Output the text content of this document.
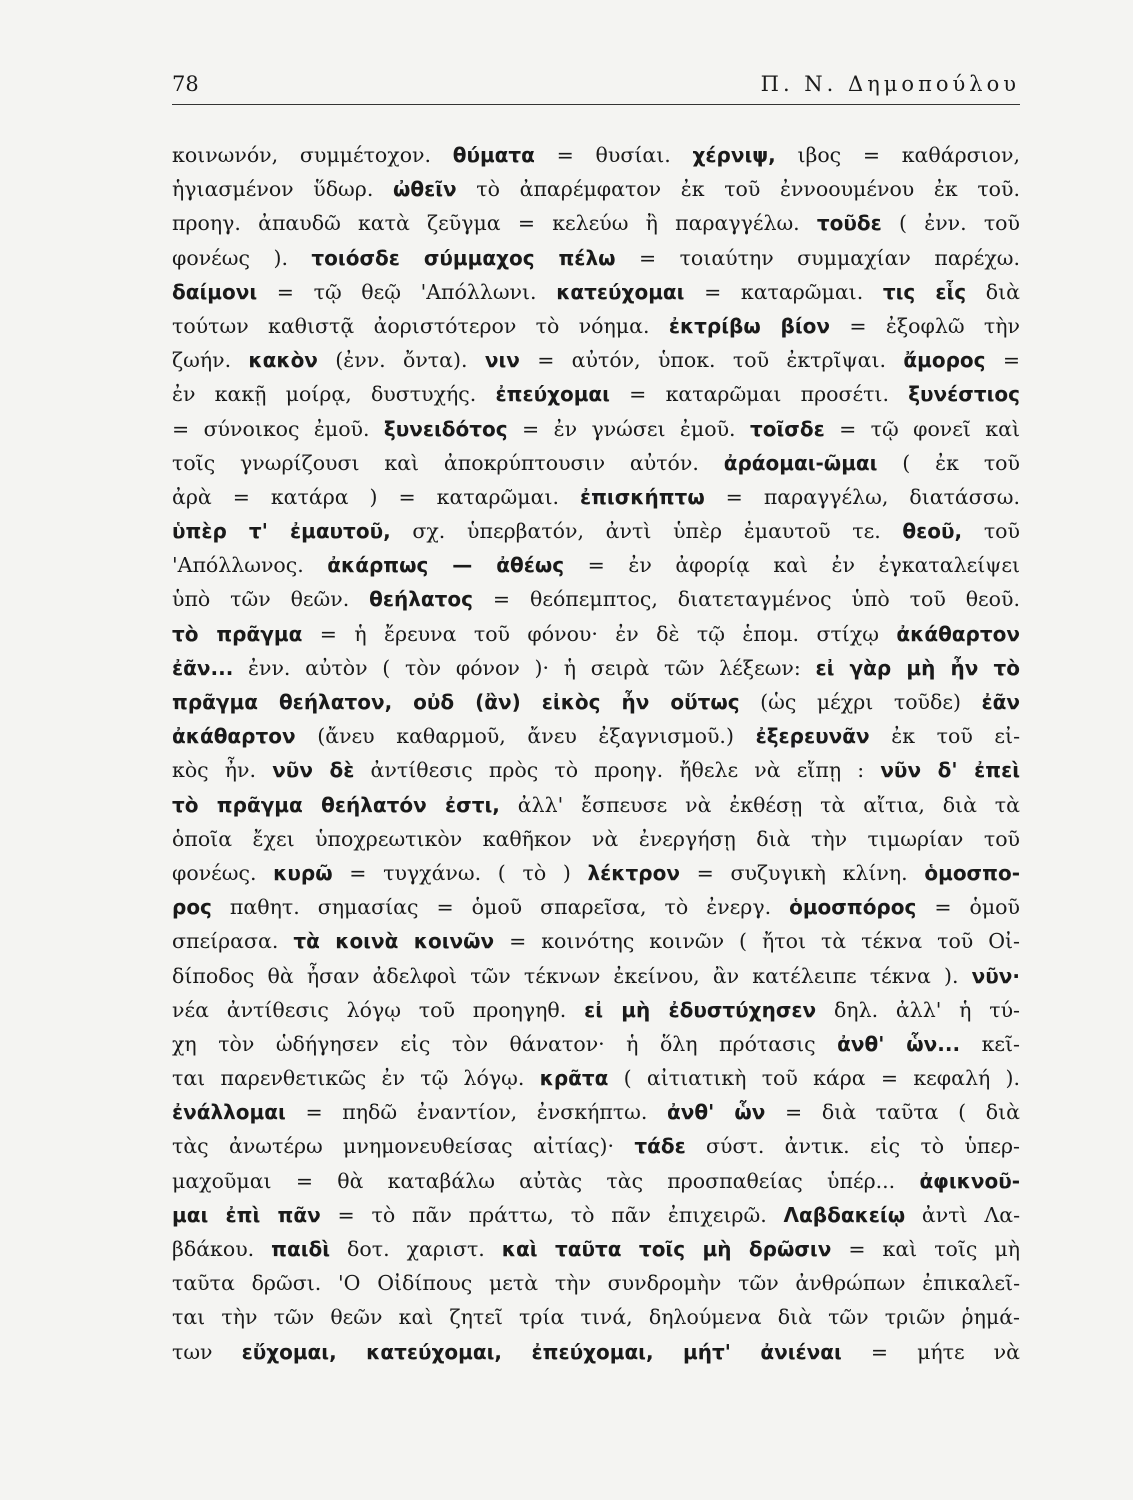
78	Π. Ν. Δημοπούλου
κοινωνόν, συμμέτοχον. θύματα = θυσίαι. χέρνιψ, ιβος = καθάρσιον,
ἡγιασμένον ὕδωρ. ὠθεῖν τὸ ἀπαρέμφατον ἐκ τοῦ ἐννοουμένου ἐκ τοῦ.
προηγ. ἀπαυδῶ κατὰ ζεῦγμα = κελεύω ἢ παραγγέλω. τοῦδε ( ἐνν. τοῦ
φονέως ). τοιόσδε σύμμαχος πέλω = τοιαύτην συμμαχίαν παρέχω.
δαίμονι = τῷ θεῷ 'Απόλλωνι. κατεύχομαι = καταρῶμαι. τις εἷς διὰ
τούτων καθιστᾷ ἀοριστότερον τὸ νόημα. ἐκτρίβω βίον = ἐξοφλῶ τὴν
ζωήν. κακὸν (ἐνν. ὄντα). νιν = αὐτόν, ὑποκ. τοῦ ἐκτρῖψαι. ἄμορος =
ἐν κακῇ μοίρᾳ, δυστυχής. ἐπεύχομαι = καταρῶμαι προσέτι. ξυνέστιος
= σύνοικος ἐμοῦ. ξυνειδότος = ἐν γνώσει ἐμοῦ. τοῖσδε = τῷ φονεῖ καὶ
τοῖς γνωρίζουσι καὶ ἀποκρύπτουσιν αὐτόν. ἀράομαι-ῶμαι ( ἐκ τοῦ
ἀρὰ = κατάρα ) = καταρῶμαι. ἐπισκήπτω = παραγγέλω, διατάσσω.
ὑπὲρ τ' ἐμαυτοῦ, σχ. ὑπερβατόν, ἀντὶ ὑπὲρ ἐμαυτοῦ τε. θεοῦ, τοῦ
'Απόλλωνος. ἀκάρπως — ἀθέως = ἐν ἀφορίᾳ καὶ ἐν ἐγκαταλείψει
ὑπὸ τῶν θεῶν. θεήλατος = θεόπεμπτος, διατεταγμένος ὑπὸ τοῦ θεοῦ.
τὸ πρᾶγμα = ἡ ἔρευνα τοῦ φόνου· ἐν δὲ τῷ ἑπομ. στίχῳ ἀκάθαρτον
ἐᾶν... ἐνν. αὐτὸν ( τὸν φόνον )· ἡ σειρὰ τῶν λέξεων: εἰ γὰρ μὴ ἦν τὸ
πρᾶγμα θεήλατον, οὐδ (ἂν) εἰκὸς ἦν οὕτως (ὡς μέχρι τοῦδε) ἐᾶν
ἀκάθαρτον (ἄνευ καθαρμοῦ, ἄνευ ἐξαγνισμοῦ.) ἐξερευνᾶν ἐκ τοῦ εἰ-
κὸς ἦν. νῦν δὲ ἀντίθεσις πρὸς τὸ προηγ. ἤθελε νὰ εἴπῃ : νῦν δ' ἐπεὶ
τὸ πρᾶγμα θεήλατόν ἐστι, ἀλλ' ἔσπευσε νὰ ἐκθέσῃ τὰ αἴτια, διὰ τὰ
ὁποῖα ἔχει ὑποχρεωτικὸν καθῆκον νὰ ἐνεργήσῃ διὰ τὴν τιμωρίαν τοῦ
φονέως. κυρῶ = τυγχάνω. ( τὸ ) λέκτρον = συζυγικὴ κλίνη. ὁμοσπο-
ρος παθητ. σημασίας = ὁμοῦ σπαρεῖσα, τὸ ἐνεργ. ὁμοσπόρος = ὁμοῦ
σπείρασα. τὰ κοινὰ κοινῶν = κοινότης κοινῶν ( ἤτοι τὰ τέκνα τοῦ Οἰ-
δίποδος θὰ ἦσαν ἀδελφοὶ τῶν τέκνων ἐκείνου, ἂν κατέλειπε τέκνα ). νῦν·
νέα ἀντίθεσις λόγῳ τοῦ προηγηθ. εἰ μὴ ἐδυστύχησεν δηλ. ἀλλ' ἡ τύ-
χη τὸν ὡδήγησεν εἰς τὸν θάνατον· ἡ ὅλη πρότασις ἀνθ' ὧν... κεῖ-
ται παρενθετικῶς ἐν τῷ λόγῳ. κρᾶτα ( αἰτιατικὴ τοῦ κάρα = κεφαλή ).
ἐνάλλομαι = πηδῶ ἐναντίον, ἐνσκήπτω. ἀνθ' ὧν = διὰ ταῦτα ( διὰ
τὰς ἀνωτέρω μνημονευθείσας αἰτίας)· τάδε σύστ. ἀντικ. εἰς τὸ ὑπερ-
μαχοῦμαι = θὰ καταβάλω αὐτὰς τὰς προσπαθείας ὑπέρ... ἀφικνοῦ-
μαι ἐπὶ πᾶν = τὸ πᾶν πράττω, τὸ πᾶν ἐπιχειρῶ. Λαβδακείῳ ἀντὶ Λα-
βδάκου. παιδὶ δοτ. χαριστ. καὶ ταῦτα τοῖς μὴ δρῶσιν = καὶ τοῖς μὴ
ταῦτα δρῶσι. 'Ο Οἰδίπους μετὰ τὴν συνδρομὴν τῶν ἀνθρώπων ἐπικαλεῖ-
ται τὴν τῶν θεῶν καὶ ζητεῖ τρία τινά, δηλούμενα διὰ τῶν τριῶν ῥημά-
των εὔχομαι, κατεύχομαι, ἐπεύχομαι, μήτ' ἀνιέναι = μήτε νὰ
